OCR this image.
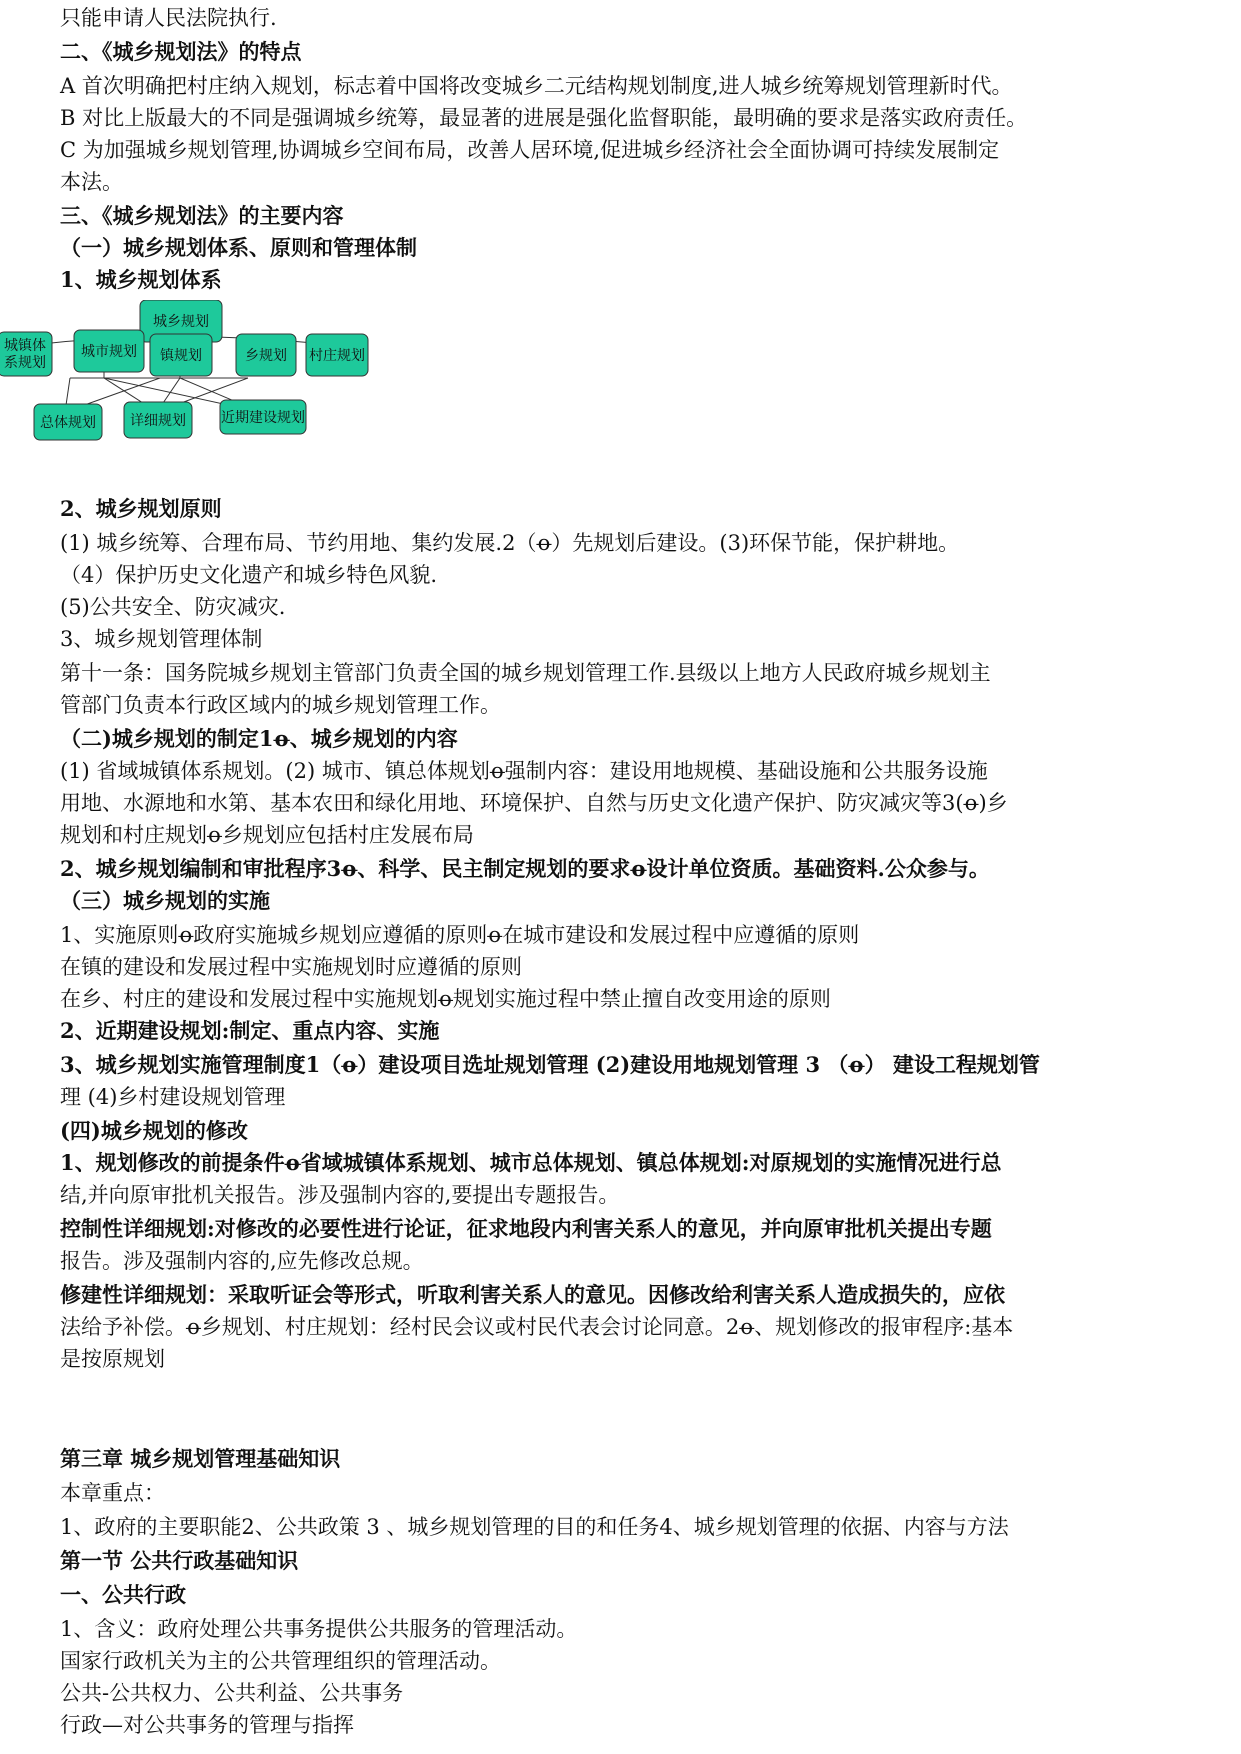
只能申请人民法院执行.
二、《城乡规划法》的特点
A 首次明确把村庄纳入规划，标志着中国将改变城乡二元结构规划制度,进人城乡统筹规划管理新时代。
B 对比上版最大的不同是强调城乡统筹，最显著的进展是强化监督职能，最明确的要求是落实政府责任。
C 为加强城乡规划管理,协调城乡空间布局，改善人居环境,促进城乡经济社会全面协调可持续发展制定
本法。
三、《城乡规划法》的主要内容
（一）城乡规划体系、原则和管理体制
1、城乡规划体系
2、城乡规划原则
(1) 城乡统筹、合理布局、节约用地、集约发展.2（ꝋ）先规划后建设。(3)环保节能，保护耕地。
（4）保护历史文化遗产和城乡特色风貌.
(5)公共安全、防灾减灾.
3、城乡规划管理体制
第十一条：国务院城乡规划主管部门负责全国的城乡规划管理工作.县级以上地方人民政府城乡规划主
管部门负责本行政区域内的城乡规划管理工作。
（二)城乡规划的制定1ꝋ、城乡规划的内容
(1) 省域城镇体系规划。(2) 城市、镇总体规划ꝋ强制内容：建设用地规模、基础设施和公共服务设施
用地、水源地和水第、基本农田和绿化用地、环境保护、自然与历史文化遗产保护、防灾减灾等3(ꝋ)乡
规划和村庄规划ꝋ乡规划应包括村庄发展布局
2、城乡规划编制和审批程序3ꝋ、科学、民主制定规划的要求ꝋ设计单位资质。基础资料.公众参与。
（三）城乡规划的实施
1、实施原则ꝋ政府实施城乡规划应遵循的原则ꝋ在城市建设和发展过程中应遵循的原则
在镇的建设和发展过程中实施规划时应遵循的原则
在乡、村庄的建设和发展过程中实施规划ꝋ规划实施过程中禁止擅自改变用途的原则
2、近期建设规划:制定、重点内容、实施
3、城乡规划实施管理制度1（ꝋ）建设项目选址规划管理 (2)建设用地规划管理 3 （ꝋ） 建设工程规划管
理 (4)乡村建设规划管理
(四)城乡规划的修改
1、规划修改的前提条件ꝋ省域城镇体系规划、城市总体规划、镇总体规划:对原规划的实施情况进行总
结,并向原审批机关报告。涉及强制内容的,要提出专题报告。
控制性详细规划:对修改的必要性进行论证，征求地段内利害关系人的意见，并向原审批机关提出专题
报告。涉及强制内容的,应先修改总规。
修建性详细规划：采取听证会等形式，听取利害关系人的意见。因修改给利害关系人造成损失的，应依
法给予补偿。ꝋ乡规划、村庄规划：经村民会议或村民代表会讨论同意。2ꝋ、规划修改的报审程序:基本
是按原规划
第三章 城乡规划管理基础知识
本章重点：
1、政府的主要职能2、公共政策 3 、城乡规划管理的目的和任务4、城乡规划管理的依据、内容与方法
第一节 公共行政基础知识
一、公共行政
1、含义：政府处理公共事务提供公共服务的管理活动。
国家行政机关为主的公共管理组织的管理活动。
公共-公共权力、公共利益、公共事务
行政—对公共事务的管理与指挥
城乡规划
城镇体系规划
城市规划 镇规划	乡规划 村庄规划
总体规划 详细规划	近期建设规划
